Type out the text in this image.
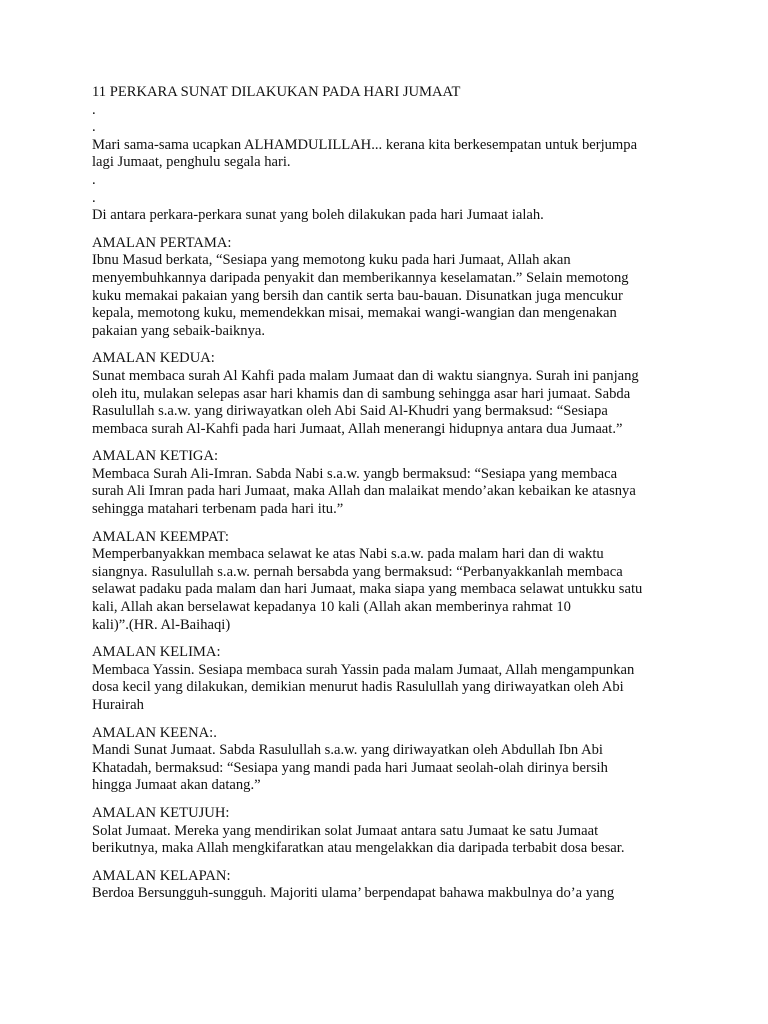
11 PERKARA SUNAT DILAKUKAN PADA HARI JUMAAT
.
.
Mari sama-sama ucapkan ALHAMDULILLAH... kerana kita berkesempatan untuk berjumpa
lagi Jumaat, penghulu segala hari.
.
.
Di antara perkara-perkara sunat yang boleh dilakukan pada hari Jumaat ialah.
AMALAN PERTAMA:
Ibnu Masud berkata, “Sesiapa yang memotong kuku pada hari Jumaat, Allah akan
menyembuhkannya daripada penyakit dan memberikannya keselamatan.” Selain memotong
kuku memakai pakaian yang bersih dan cantik serta bau-bauan. Disunatkan juga mencukur
kepala, memotong kuku, memendekkan misai, memakai wangi-wangian dan mengenakan
pakaian yang sebaik-baiknya.
AMALAN KEDUA:
Sunat membaca surah Al Kahfi pada malam Jumaat dan di waktu siangnya. Surah ini panjang
oleh itu, mulakan selepas asar hari khamis dan di sambung sehingga asar hari jumaat. Sabda
Rasulullah s.a.w. yang diriwayatkan oleh Abi Said Al-Khudri yang bermaksud: “Sesiapa
membaca surah Al-Kahfi pada hari Jumaat, Allah menerangi hidupnya antara dua Jumaat.”
AMALAN KETIGA:
Membaca Surah Ali-Imran. Sabda Nabi s.a.w. yangb bermaksud: “Sesiapa yang membaca
surah Ali Imran pada hari Jumaat, maka Allah dan malaikat mendo’akan kebaikan ke atasnya
sehingga matahari terbenam pada hari itu.”
AMALAN KEEMPAT:
Memperbanyakkan membaca selawat ke atas Nabi s.a.w. pada malam hari dan di waktu
siangnya. Rasulullah s.a.w. pernah bersabda yang bermaksud: “Perbanyakkanlah membaca
selawat padaku pada malam dan hari Jumaat, maka siapa yang membaca selawat untukku satu
kali, Allah akan berselawat kepadanya 10 kali (Allah akan memberinya rahmat 10
kali)”.(HR. Al-Baihaqi)
AMALAN KELIMA:
Membaca Yassin. Sesiapa membaca surah Yassin pada malam Jumaat, Allah mengampunkan
dosa kecil yang dilakukan, demikian menurut hadis Rasulullah yang diriwayatkan oleh Abi
Hurairah
AMALAN KEENA:.
Mandi Sunat Jumaat. Sabda Rasulullah s.a.w. yang diriwayatkan oleh Abdullah Ibn Abi
Khatadah, bermaksud: “Sesiapa yang mandi pada hari Jumaat seolah-olah dirinya bersih
hingga Jumaat akan datang.”
AMALAN KETUJUH:
Solat Jumaat. Mereka yang mendirikan solat Jumaat antara satu Jumaat ke satu Jumaat
berikutnya, maka Allah mengkifaratkan atau mengelakkan dia daripada terbabit dosa besar.
AMALAN KELAPAN:
Berdoa Bersungguh-sungguh. Majoriti ulama’ berpendapat bahawa makbulnya do’a yang
